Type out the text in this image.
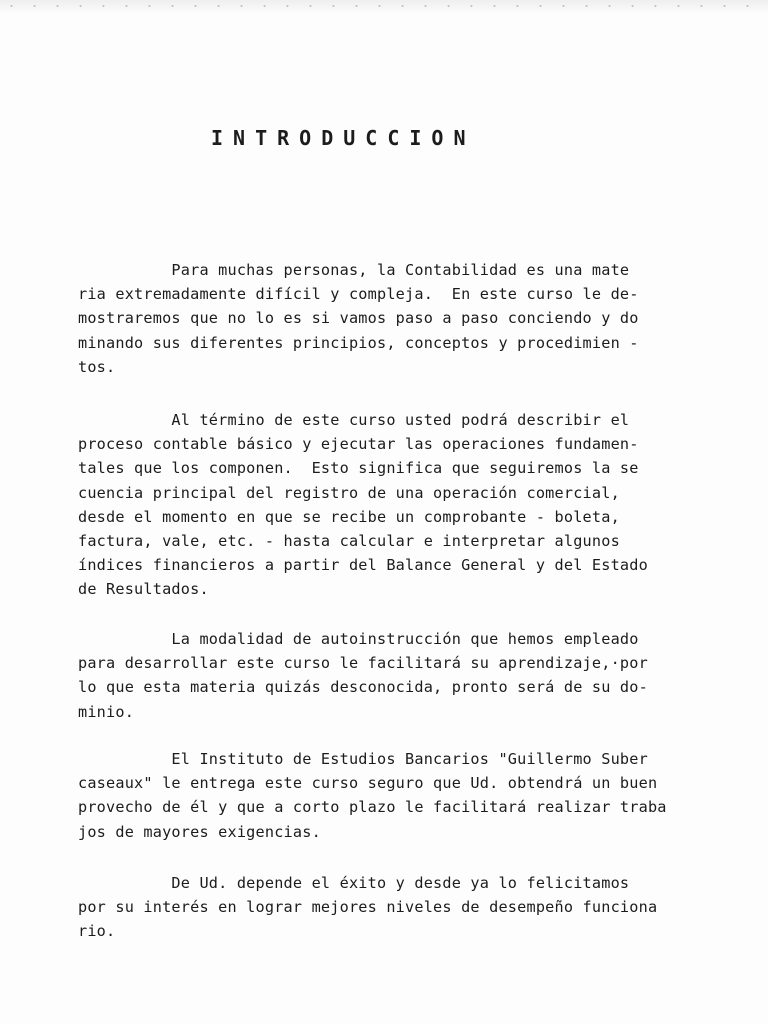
INTRODUCCION

Para muchas personas, la Contabilidad es una mate
ria extremadamente difícil y compleja.  En este curso le de-
mostraremos que no lo es si vamos paso a paso conciendo y do
minando sus diferentes principios, conceptos y procedimien -
tos.

Al término de este curso usted podrá describir el
proceso contable básico y ejecutar las operaciones fundamen-
tales que los componen.  Esto significa que seguiremos la se
cuencia principal del registro de una operación comercial,
desde el momento en que se recibe un comprobante - boleta,
factura, vale, etc. - hasta calcular e interpretar algunos
índices financieros a partir del Balance General y del Estado
de Resultados.

La modalidad de autoinstrucción que hemos empleado
para desarrollar este curso le facilitará su aprendizaje,·por
lo que esta materia quizás desconocida, pronto será de su do-
minio.

El Instituto de Estudios Bancarios "Guillermo Suber
caseaux" le entrega este curso seguro que Ud. obtendrá un buen
provecho de él y que a corto plazo le facilitará realizar traba
jos de mayores exigencias.

De Ud. depende el éxito y desde ya lo felicitamos
por su interés en lograr mejores niveles de desempeño funciona
rio.
